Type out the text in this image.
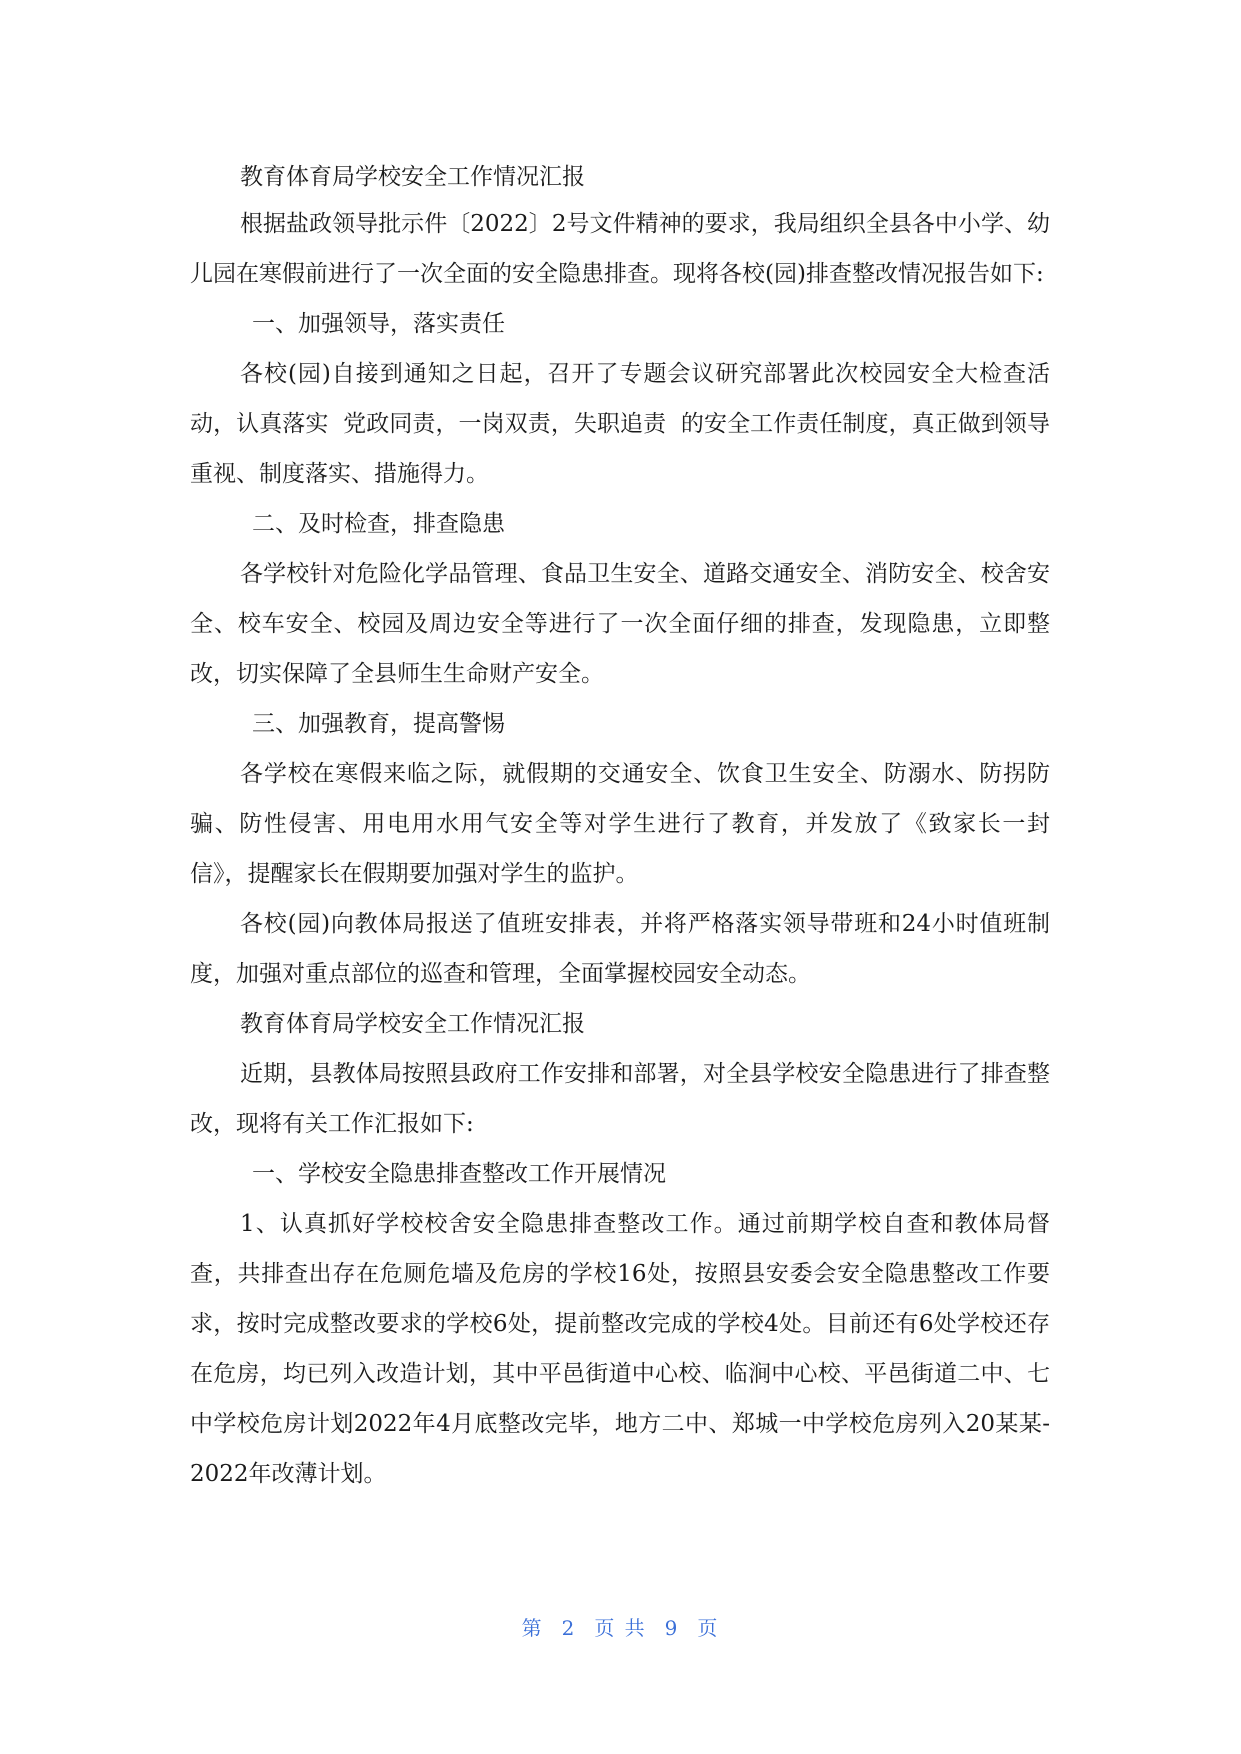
教育体育局学校安全工作情况汇报

根据盐政领导批示件〔2022〕2号文件精神的要求，我局组织全县各中小学、幼儿园在寒假前进行了一次全面的安全隐患排查。现将各校(园)排查整改情况报告如下:

一、加强领导，落实责任

各校(园)自接到通知之日起，召开了专题会议研究部署此次校园安全大检查活动，认真落实  党政同责，一岗双责，失职追责  的安全工作责任制度，真正做到领导重视、制度落实、措施得力。

二、及时检查，排查隐患

各学校针对危险化学品管理、食品卫生安全、道路交通安全、消防安全、校舍安全、校车安全、校园及周边安全等进行了一次全面仔细的排查，发现隐患，立即整改，切实保障了全县师生生命财产安全。

三、加强教育，提高警惕

各学校在寒假来临之际，就假期的交通安全、饮食卫生安全、防溺水、防拐防骗、防性侵害、用电用水用气安全等对学生进行了教育，并发放了《致家长一封信》，提醒家长在假期要加强对学生的监护。

各校(园)向教体局报送了值班安排表，并将严格落实领导带班和24小时值班制度，加强对重点部位的巡查和管理，全面掌握校园安全动态。

教育体育局学校安全工作情况汇报

近期，县教体局按照县政府工作安排和部署，对全县学校安全隐患进行了排查整改，现将有关工作汇报如下:

一、学校安全隐患排查整改工作开展情况

1、认真抓好学校校舍安全隐患排查整改工作。通过前期学校自查和教体局督查，共排查出存在危厕危墙及危房的学校16处，按照县安委会安全隐患整改工作要求，按时完成整改要求的学校6处，提前整改完成的学校4处。目前还有6处学校还存在危房，均已列入改造计划，其中平邑街道中心校、临涧中心校、平邑街道二中、七中学校危房计划2022年4月底整改完毕，地方二中、郑城一中学校危房列入20某某-2022年改薄计划。

第 2 页 共 9 页
